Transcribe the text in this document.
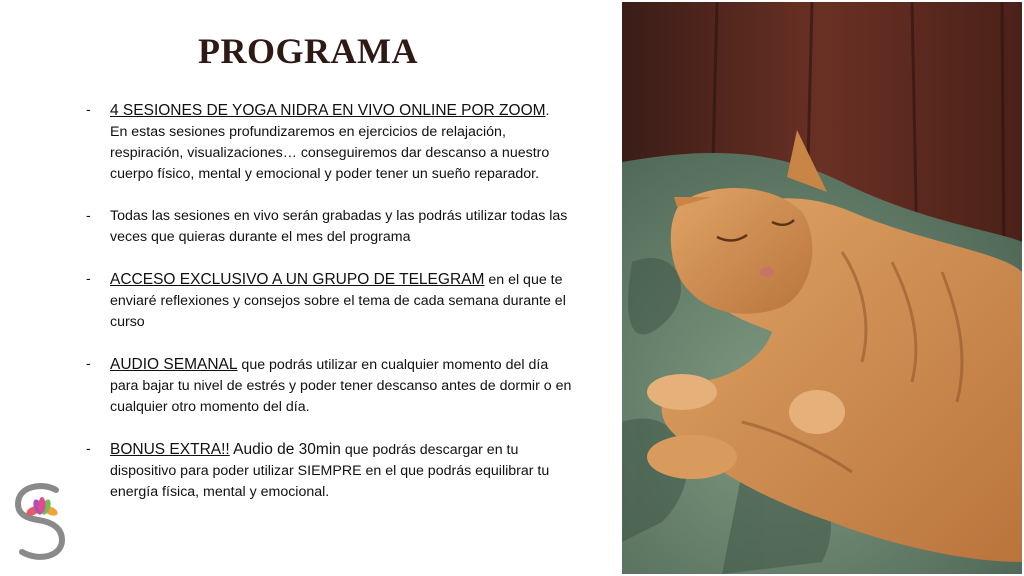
PROGRAMA
- 4 SESIONES DE YOGA NIDRA EN VIVO ONLINE POR ZOOM.
En estas sesiones profundizaremos en ejercicios de relajación, respiración, visualizaciones… conseguiremos dar descanso a nuestro cuerpo físico, mental y emocional y poder tener un sueño reparador.
- Todas las sesiones en vivo serán grabadas y las podrás utilizar todas las veces que quieras durante el mes del programa
- ACCESO EXCLUSIVO A UN GRUPO DE TELEGRAM en el que te enviaré reflexiones y consejos sobre el tema de cada semana durante el curso
- AUDIO SEMANAL que podrás utilizar en cualquier momento del día para bajar tu nivel de estrés y poder tener descanso antes de dormir o en cualquier otro momento del día.
- BONUS EXTRA!! Audio de 30min que podrás descargar en tu dispositivo para poder utilizar SIEMPRE en el que podrás equilibrar tu energía física, mental y emocional.
